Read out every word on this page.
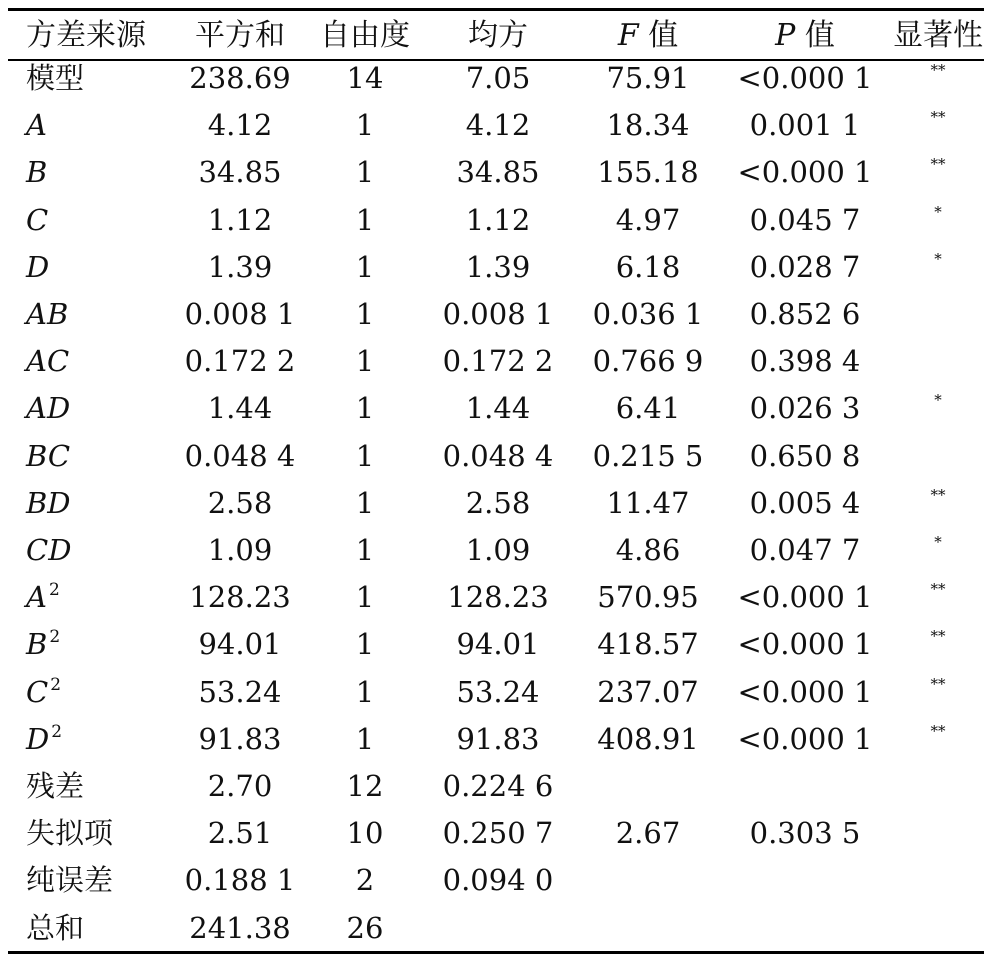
方差来源	平方和	自由度	均方	F 值	P 值	显著性
模型	238.69	14	7.05	75.91	<0.000 1	**
A	4.12	1	4.12	18.34	0.001 1	**
B	34.85	1	34.85	155.18	<0.000 1	**
C	1.12	1	1.12	4.97	0.045 7	*
D	1.39	1	1.39	6.18	0.028 7	*
AB	0.008 1	1	0.008 1	0.036 1	0.852 6
AC	0.172 2	1	0.172 2	0.766 9	0.398 4
AD	1.44	1	1.44	6.41	0.026 3	*
BC	0.048 4	1	0.048 4	0.215 5	0.650 8
BD	2.58	1	2.58	11.47	0.005 4	**
CD	1.09	1	1.09	4.86	0.047 7	*
A $^2$	128.23	1	128.23	570.95	<0.000 1	**
B $^2$	94.01	1	94.01	418.57	<0.000 1	**
C $^2$	53.24	1	53.24	237.07	<0.000 1	**
D $^2$	91.83	1	91.83	408.91	<0.000 1	**
残差	2.70	12	0.224 6
失拟项	2.51	10	0.250 7	2.67	0.303 5
纯误差 0.188 1	2	0.094 0
总和	241.38	26
